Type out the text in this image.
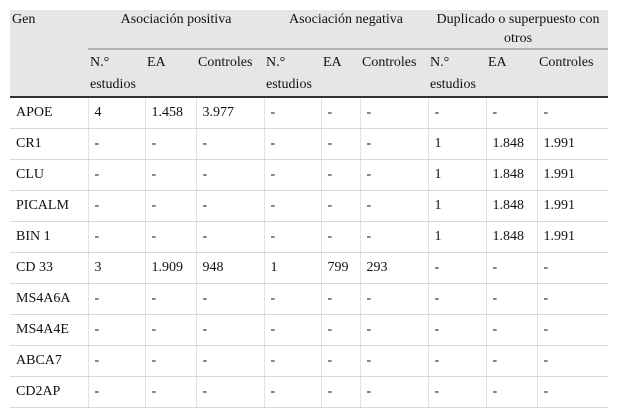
Gen	Asociación positiva			Asociación negativa			Duplicado o superpuesto con otros		
	N.° estudios	EA	Controles	N.° estudios	EA	Controles	N.° estudios	EA	Controles
APOE	4	1.458	3.977	-	-	-	-	-	-
CR1	-	-	-	-	-	-	1	1.848	1.991
CLU	-	-	-	-	-	-	1	1.848	1.991
PICALM	-	-	-	-	-	-	1	1.848	1.991
BIN 1	-	-	-	-	-	-	1	1.848	1.991
CD 33	3	1.909	948	1	799	293	-	-	-
MS4A6A	-	-	-	-	-	-	-	-	-
MS4A4E	-	-	-	-	-	-	-	-	-
ABCA7	-	-	-	-	-	-	-	-	-
CD2AP	-	-	-	-	-	-	-	-	-
